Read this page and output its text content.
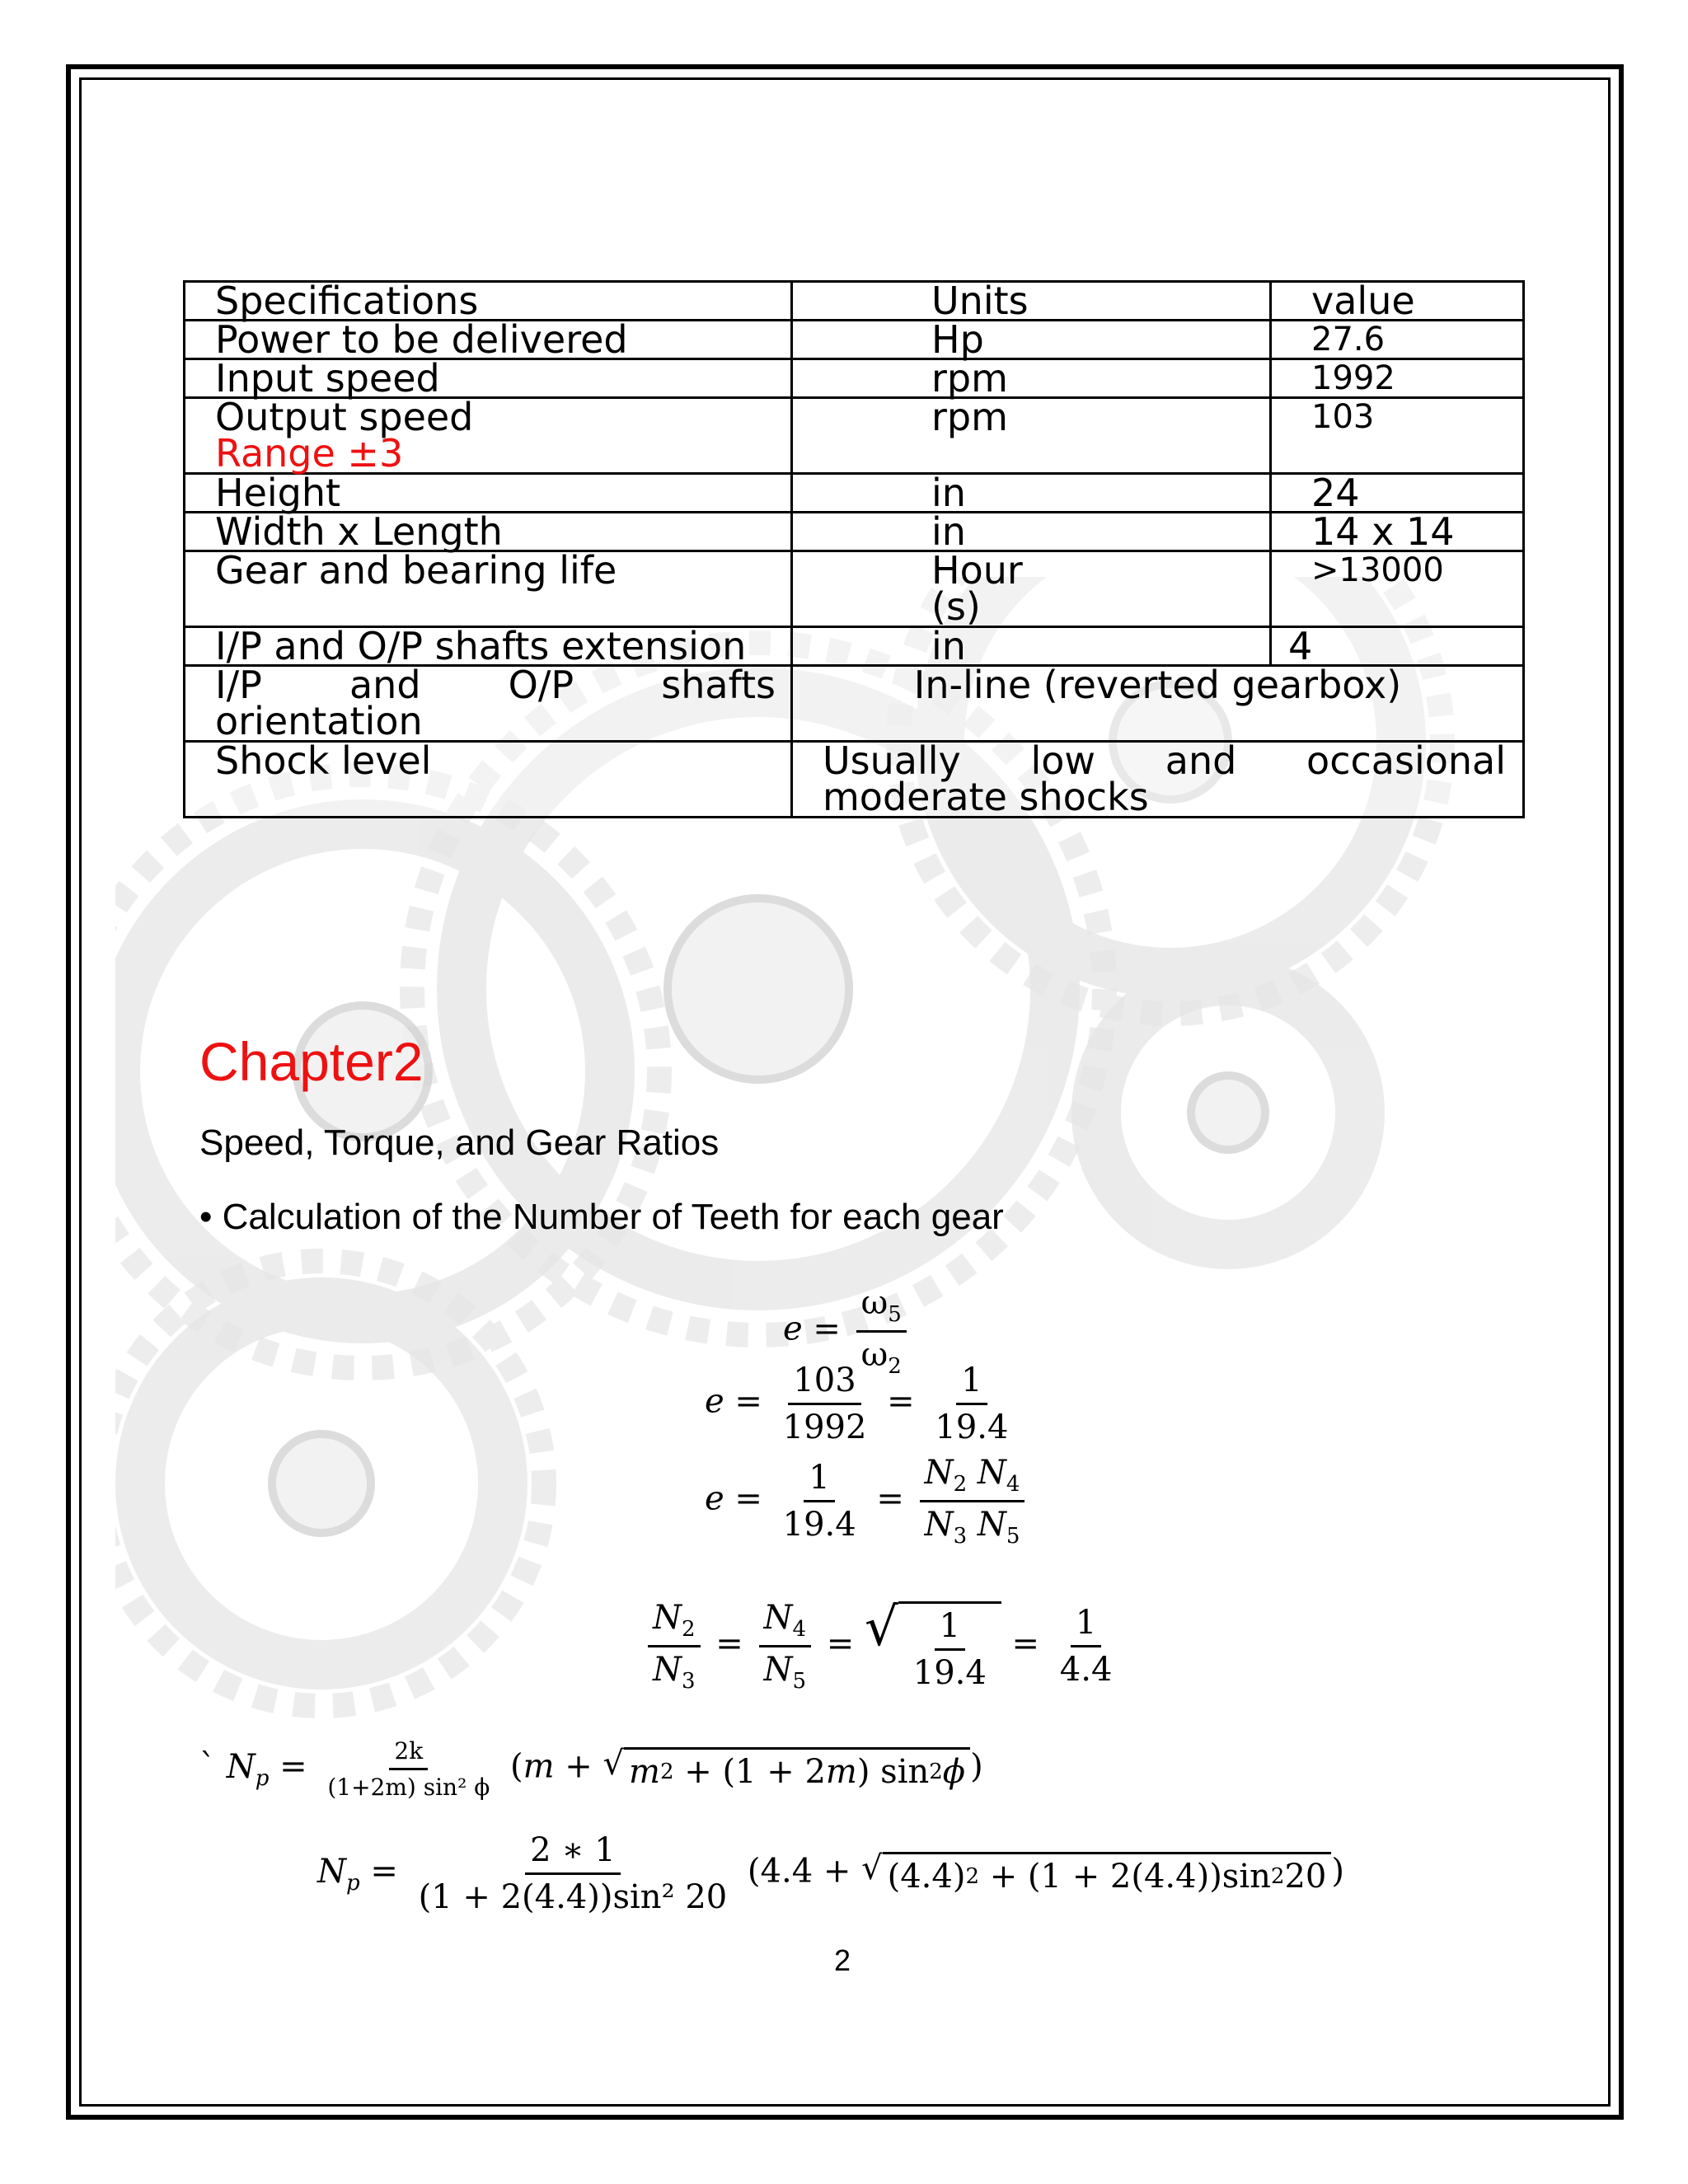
Specifications	Units	value
Power to be delivered	Hp	27.6
Input speed	rpm	1992

Output speed
Range ±3	rpm	103
Height	in	24
Width x Length	in	14 x 14
Gear and bearing life	Hour (s)	>13000
I/P and O/P shafts extension	in	4
I/P and O/P shafts orientation	In-line (reverted gearbox)	
Shock level	Usually low and occasional moderate shocks	
Chapter2
Speed, Torque, and Gear Ratios
• Calculation of the Number of Teeth for each gear
$e = \frac{\omega_5}{\omega_2}$
$e = \frac{103}{1992} = \frac{1}{19.4}$
$e = \frac{1}{19.4} = \frac{N_2 N_4}{N_3 N_5}$
$\frac{N_2}{N_3} = \frac{N_4}{N_5}$ = √ $\frac{1}{19.4} = \frac{1}{4.4}$
` $N_p = \frac{2k}{\text{(1+2m) sin² ϕ}} (m$ + √ m 2 + (1 + 2 m ) sin 2 ϕ )
$N_p = \frac{2 ∗ 1}{\text{(1 + 2(4.4))sin² 20}} (4.4$ + √ (4.4) 2 + (1 + 2(4.4))sin 2 20 )
2
